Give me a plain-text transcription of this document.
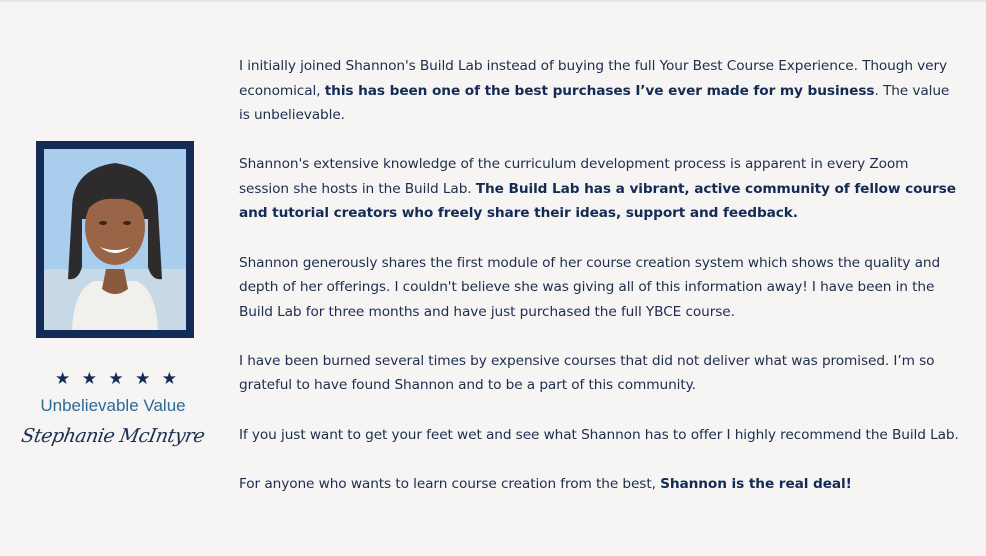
★ ★ ★ ★ ★
Unbelievable Value
Stephanie McIntyre

I initially joined Shannon's Build Lab instead of buying the full Your Best Course Experience. Though very economical, this has been one of the best purchases I’ve ever made for my business. The value is unbelievable.

Shannon's extensive knowledge of the curriculum development process is apparent in every Zoom session she hosts in the Build Lab. The Build Lab has a vibrant, active community of fellow course and tutorial creators who freely share their ideas, support and feedback.

Shannon generously shares the first module of her course creation system which shows the quality and depth of her offerings. I couldn't believe she was giving all of this information away! I have been in the Build Lab for three months and have just purchased the full YBCE course.

I have been burned several times by expensive courses that did not deliver what was promised. I’m so grateful to have found Shannon and to be a part of this community.

If you just want to get your feet wet and see what Shannon has to offer I highly recommend the Build Lab.

For anyone who wants to learn course creation from the best, Shannon is the real deal!
